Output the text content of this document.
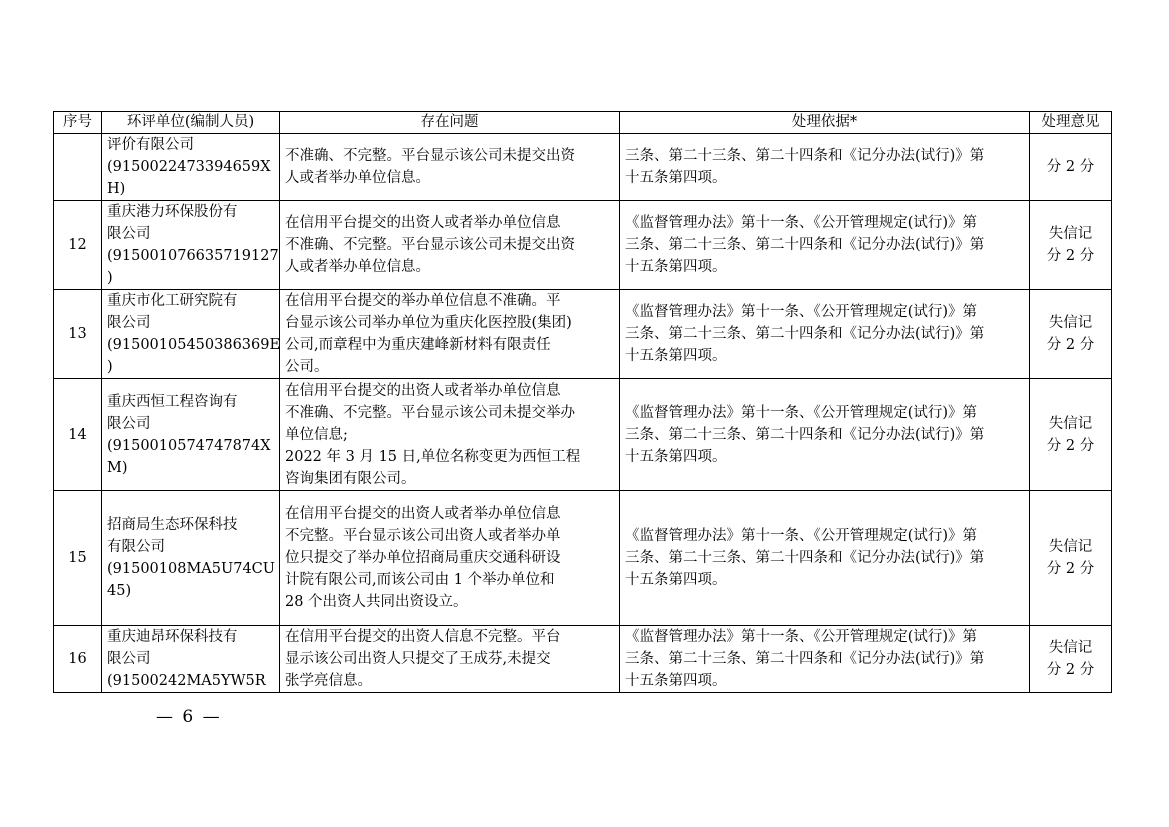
序号	环评单位(编制人员)	存在问题	处理依据*	处理意见

	评价有限公司
(915002247339465​9X
H)	不准确、不完整。平台显示该公司未提交出资
人或者举办单位信息。	三条、第二十三条、第二十四条和《记分办法(试行)》第
十五条第四项。	分 2 分

12	重庆港力环保股份有
限公司
(915001076635719127
)	在信用平台提交的出资人或者举办单位信息
不准确、不完整。平台显示该公司未提交出资
人或者举办单位信息。	《监督管理办法》第十一条、《公开管理规定(试行)》第
三条、第二十三条、第二十四条和《记分办法(试行)》第
十五条第四项。	失信记
分 2 分

13	重庆市化工研究院有
限公司
(91500105450386369E
)	在信用平台提交的举办单位信息不准确。平
台显示该公司举办单位为重庆化医控股(集团)
公司,而章程中为重庆建峰新材料有限责任
公司。	《监督管理办法》第十一条、《公开管理规定(试行)》第
三条、第二十三条、第二十四条和《记分办法(试行)》第
十五条第四项。	失信记
分 2 分

14	重庆西恒工程咨询有
限公司
(915001057474787​4X
M)	在信用平台提交的出资人或者举办单位信息
不准确、不完整。平台显示该公司未提交举办
单位信息;
2022 年 3 月 15 日,单位名称变更为西恒工程
咨询集团有限公司。	《监督管理办法》第十一条、《公开管理规定(试行)》第
三条、第二十三条、第二十四条和《记分办法(试行)》第
十五条第四项。	失信记
分 2 分

15	招商局生态环保科技
有限公司
(91500108MA5U74CU
45)	在信用平台提交的出资人或者举办单位信息
不完整。平台显示该公司出资人或者举办单
位只提交了举办单位招商局重庆交通科研设
计院有限公司,而该公司由 1 个举办单位和
28 个出资人共同出资设立。	《监督管理办法》第十一条、《公开管理规定(试行)》第
三条、第二十三条、第二十四条和《记分办法(试行)》第
十五条第四项。	失信记
分 2 分

16	重庆迪昂环保科技有
限公司
(91500242MA5YW5R	在信用平台提交的出资人信息不完整。平台
显示该公司出资人只提交了王成芬,未提交
张学亮信息。	《监督管理办法》第十一条、《公开管理规定(试行)》第
三条、第二十三条、第二十四条和《记分办法(试行)》第
十五条第四项。	失信记
分 2 分
— 6 —
